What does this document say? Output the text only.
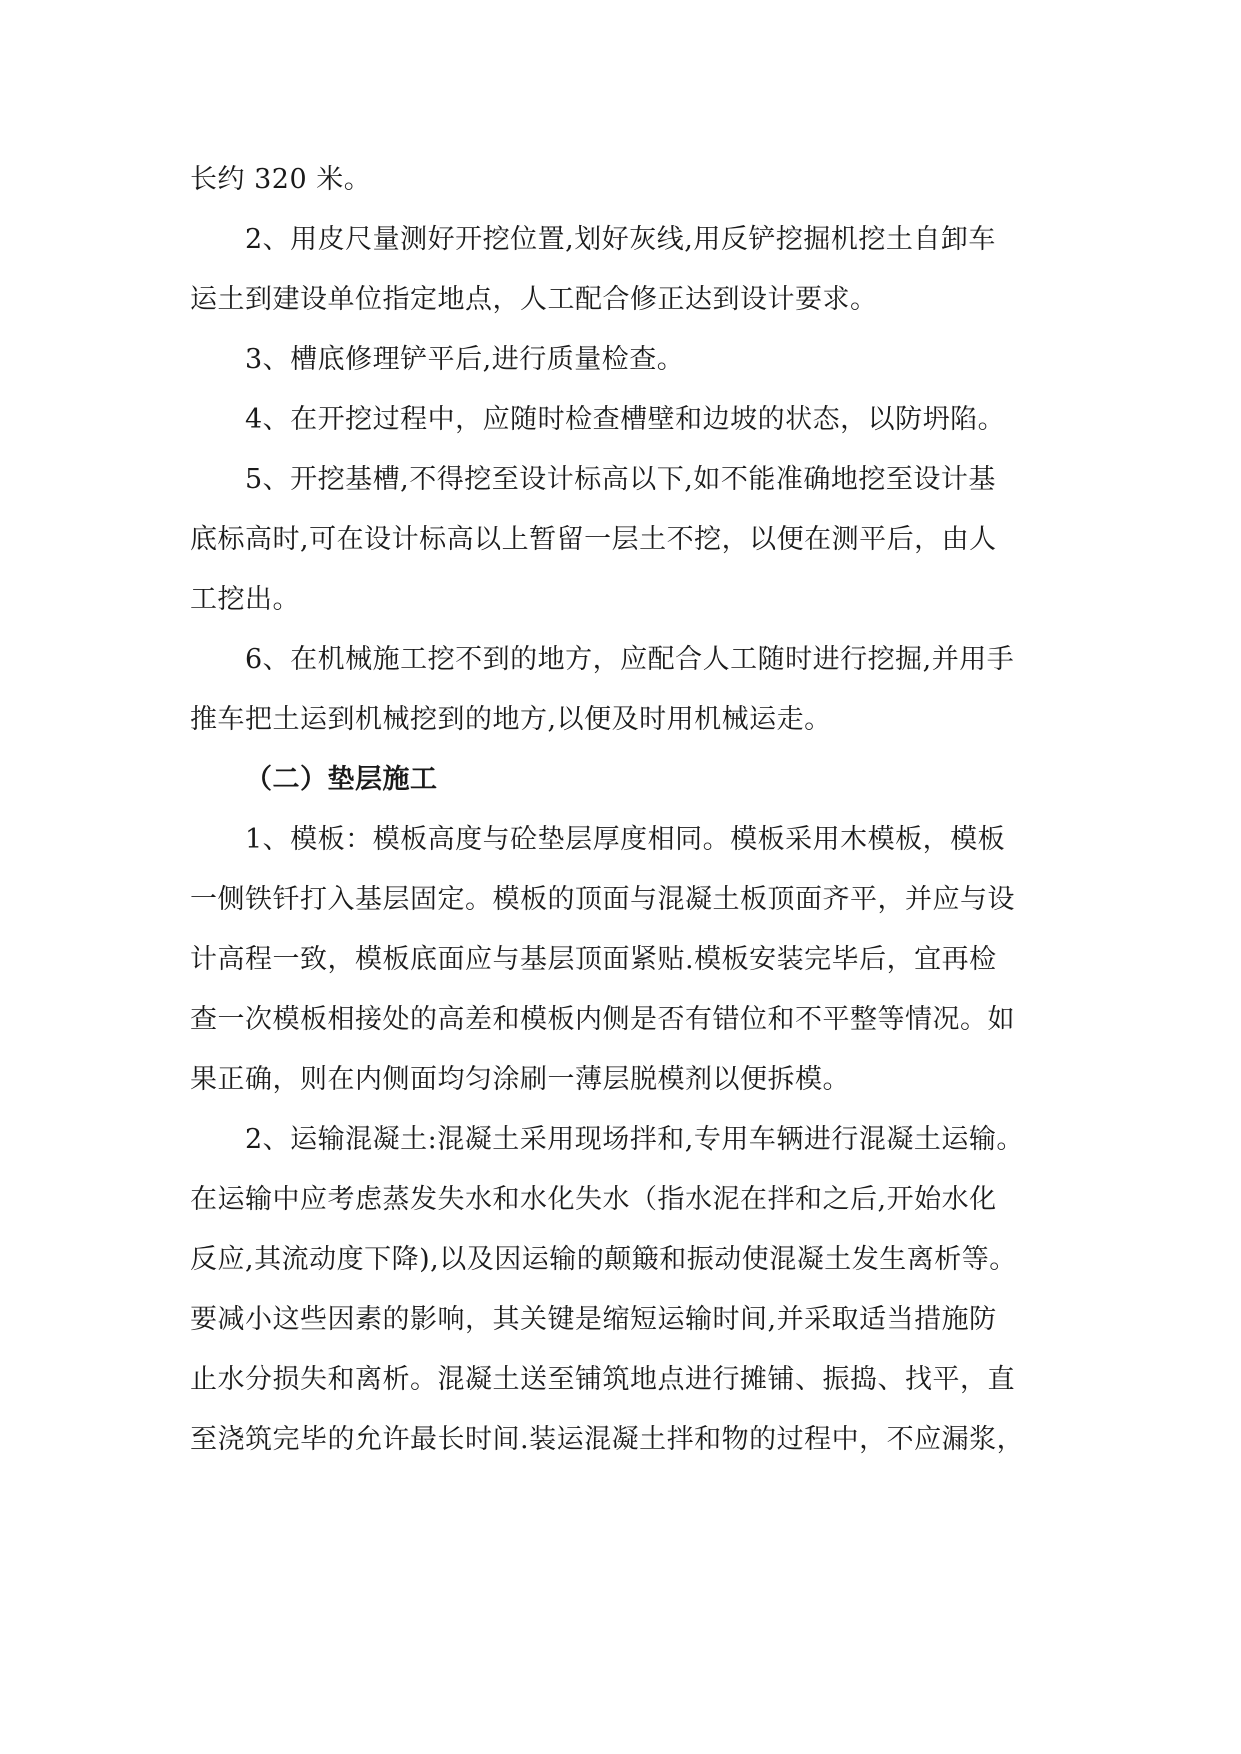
长约 320 米。
2、用皮尺量测好开挖位置,划好灰线,用反铲挖掘机挖土自卸车
运土到建设单位指定地点，人工配合修正达到设计要求。
3、槽底修理铲平后,进行质量检查。
4、在开挖过程中，应随时检查槽壁和边坡的状态，以防坍陷。
5、开挖基槽,不得挖至设计标高以下,如不能准确地挖至设计基
底标高时,可在设计标高以上暂留一层土不挖，以便在测平后，由人
工挖出。
6、在机械施工挖不到的地方，应配合人工随时进行挖掘,并用手
推车把土运到机械挖到的地方,以便及时用机械运走。
（二）垫层施工
1、模板：模板高度与砼垫层厚度相同。模板采用木模板，模板
一侧铁钎打入基层固定。模板的顶面与混凝土板顶面齐平，并应与设
计高程一致，模板底面应与基层顶面紧贴.模板安装完毕后，宜再检
查一次模板相接处的高差和模板内侧是否有错位和不平整等情况。如
果正确，则在内侧面均匀涂刷一薄层脱模剂以便拆模。
2、运输混凝土:混凝土采用现场拌和,专用车辆进行混凝土运输。
在运输中应考虑蒸发失水和水化失水（指水泥在拌和之后,开始水化
反应,其流动度下降),以及因运输的颠簸和振动使混凝土发生离析等。
要减小这些因素的影响，其关键是缩短运输时间,并采取适当措施防
止水分损失和离析。混凝土送至铺筑地点进行摊铺、振捣、找平，直
至浇筑完毕的允许最长时间.装运混凝土拌和物的过程中，不应漏浆，
